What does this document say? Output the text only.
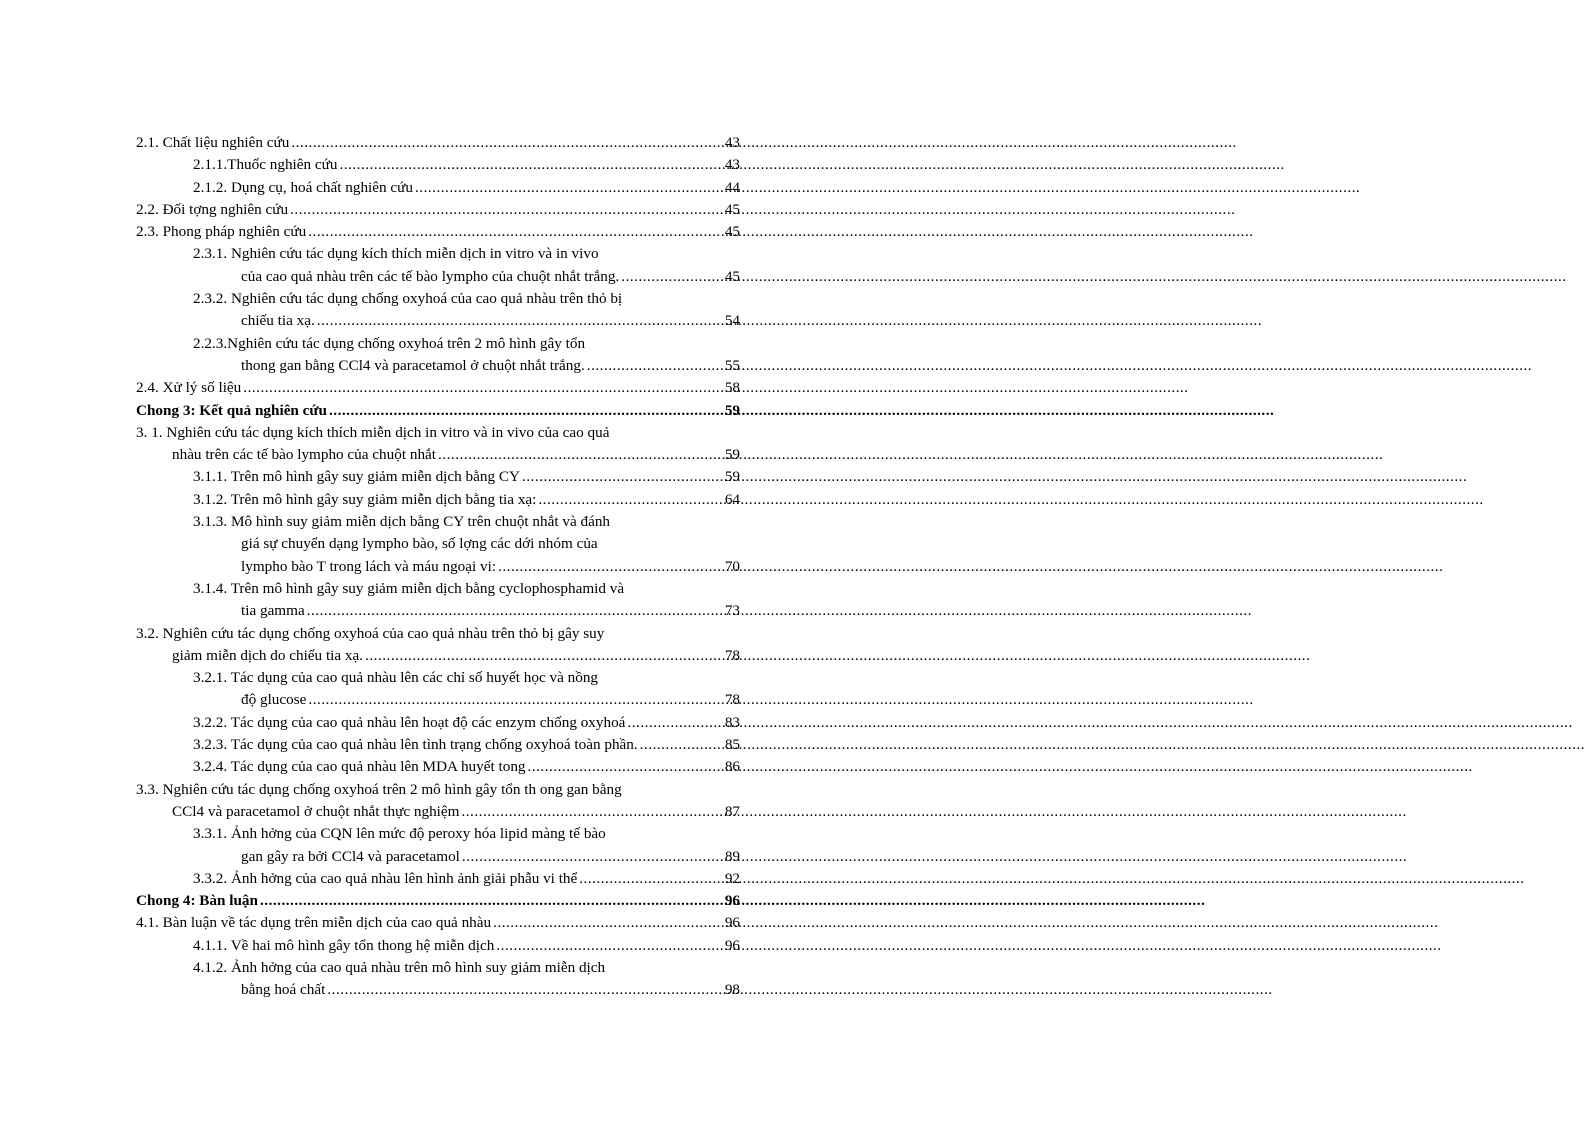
2.1. Chất liệu nghiên cứu .....	43
2.1.1.Thuốc nghiên cứu .....	43
2.1.2. Dụng cụ, hoá chất nghiên cứu .....	44
2.2. Đối tợng nghiên cứu .....	45
2.3. Phong pháp nghiên cứu .....	45
2.3.1. Nghiên cứu tác dụng kích thích miễn dịch in vitro và in vivo
của cao quả nhàu trên các tế bào lympho của chuột nhắt trắng. .....	45
2.3.2. Nghiên cứu tác dụng chống oxyhoá của cao quả nhàu trên thỏ bị
chiếu tia xạ. .....	54
2.2.3.Nghiên cứu tác dụng chống oxyhoá trên 2 mô hình gây tổn
thong gan bằng CCl4 và paracetamol ở chuột nhắt trắng. .....	55
2.4. Xử lý số liệu .....	58
Chong 3: Kết quả nghiên cứu .....	59
3. 1. Nghiên cứu tác dụng kích thích miễn dịch in vitro và in vivo của cao quả
nhàu trên các tế bào lympho của chuột nhắt .....	59
3.1.1. Trên mô hình gây suy giảm miễn dịch bằng CY .....	59
3.1.2. Trên mô hình gây suy giảm miễn dịch bằng tia xạ: .....	64
3.1.3. Mô hình suy giảm miễn dịch bằng CY trên chuột nhắt và đánh
giá sự chuyển dạng lympho bào, số lợng các dới nhóm của
lympho bào T trong lách và máu ngoại vi: .....	70
3.1.4. Trên mô hình gây suy giảm miễn dịch bằng cyclophosphamid và
tia gamma .....	73
3.2. Nghiên cứu tác dụng chống oxyhoá của cao quả nhàu trên thỏ bị gây suy
giảm miễn dịch do chiếu tia xạ. .....	78
3.2.1. Tác dụng của cao quả nhàu lên các chỉ số huyết học và nồng
độ glucose .....	78
3.2.2. Tác dụng của cao quả nhàu lên hoạt độ các enzym chống oxyhoá .....	83
3.2.3. Tác dụng của cao quả nhàu lên tình trạng chống oxyhoá toàn phần. .....	85
3.2.4. Tác dụng của cao quả nhàu lên MDA huyết tong .....	86
3.3. Nghiên cứu tác dụng chống oxyhoá trên 2 mô hình gây tổn th ong gan bằng
CCl4 và paracetamol ở chuột nhắt thực nghiệm .....	87
3.3.1. Ảnh hởng của CQN lên mức độ peroxy hóa lipid màng tế bào
gan gây ra bởi CCl4 và paracetamol .....	89
3.3.2. Ảnh hởng của cao quả nhàu lên hình ảnh giải phẫu vi thể .....	92
Chong 4: Bàn luận .....	96
4.1. Bàn luận về tác dụng trên miễn dịch của cao quả nhàu .....	96
4.1.1. Về hai mô hình gây tổn thong hệ miễn dịch .....	96
4.1.2. Ảnh hởng của cao quả nhàu trên mô hình suy giảm miễn dịch
bằng hoá chất .....	98
